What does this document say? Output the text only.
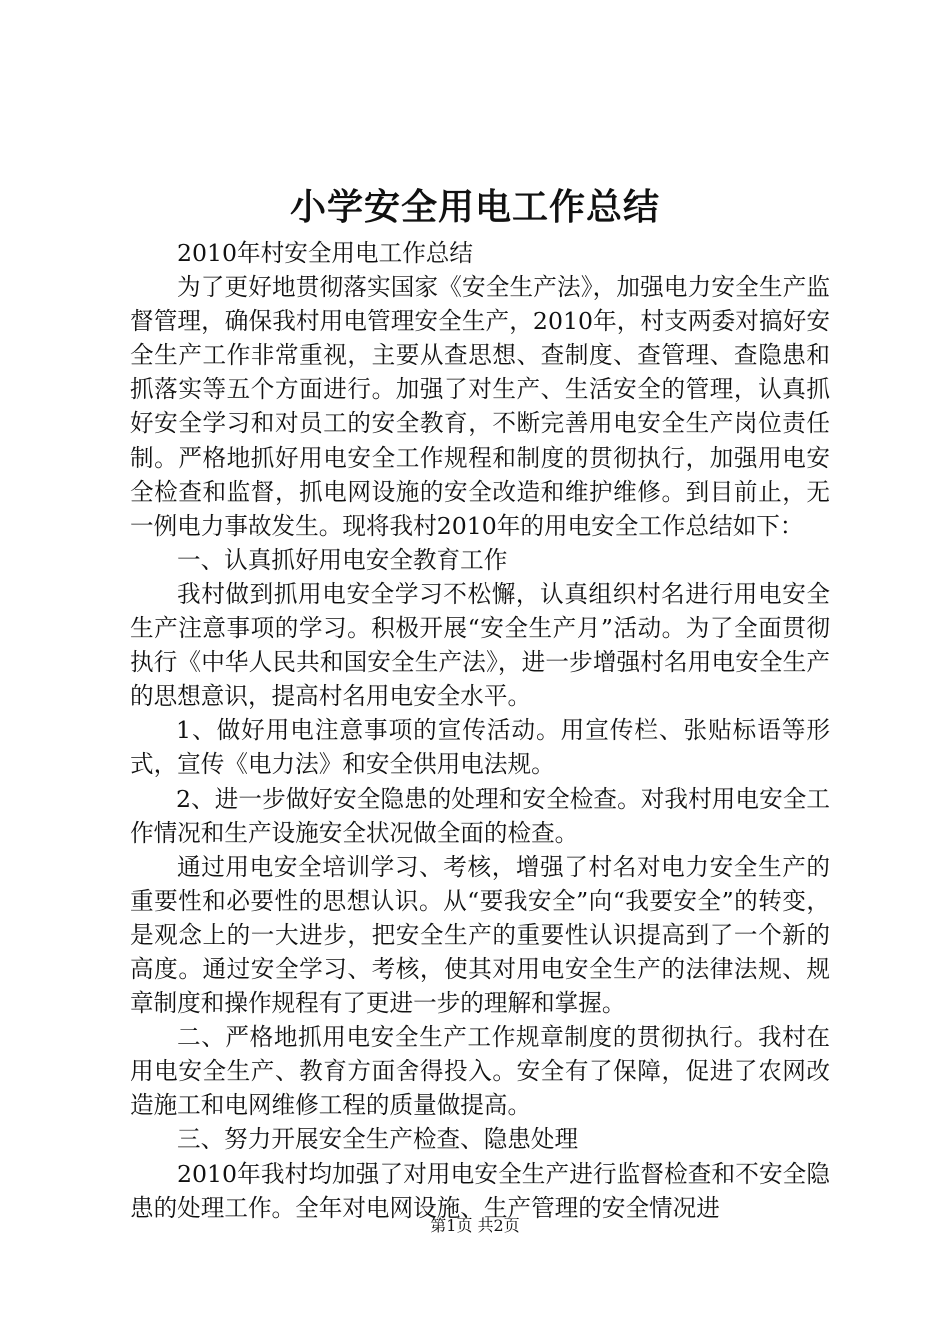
小学安全用电工作总结

2010年村安全用电工作总结

为了更好地贯彻落实国家《安全生产法》，加强电力安全生产监督管理，确保我村用电管理安全生产，2010年，村支两委对搞好安全生产工作非常重视，主要从查思想、查制度、查管理、查隐患和抓落实等五个方面进行。加强了对生产、生活安全的管理，认真抓好安全学习和对员工的安全教育，不断完善用电安全生产岗位责任制。严格地抓好用电安全工作规程和制度的贯彻执行，加强用电安全检查和监督，抓电网设施的安全改造和维护维修。到目前止，无一例电力事故发生。现将我村2010年的用电安全工作总结如下：

一、认真抓好用电安全教育工作

我村做到抓用电安全学习不松懈，认真组织村名进行用电安全生产注意事项的学习。积极开展“安全生产月”活动。为了全面贯彻执行《中华人民共和国安全生产法》，进一步增强村名用电安全生产的思想意识，提高村名用电安全水平。

1、做好用电注意事项的宣传活动。用宣传栏、张贴标语等形式，宣传《电力法》和安全供用电法规。

2、进一步做好安全隐患的处理和安全检查。对我村用电安全工作情况和生产设施安全状况做全面的检查。

通过用电安全培训学习、考核，增强了村名对电力安全生产的重要性和必要性的思想认识。从“要我安全”向“我要安全”的转变，是观念上的一大进步，把安全生产的重要性认识提高到了一个新的高度。通过安全学习、考核，使其对用电安全生产的法律法规、规章制度和操作规程有了更进一步的理解和掌握。

二、严格地抓用电安全生产工作规章制度的贯彻执行。我村在用电安全生产、教育方面舍得投入。安全有了保障，促进了农网改造施工和电网维修工程的质量做提高。

三、努力开展安全生产检查、隐患处理

2010年我村均加强了对用电安全生产进行监督检查和不安全隐患的处理工作。全年对电网设施、生产管理的安全情况进

第1页 共2页
